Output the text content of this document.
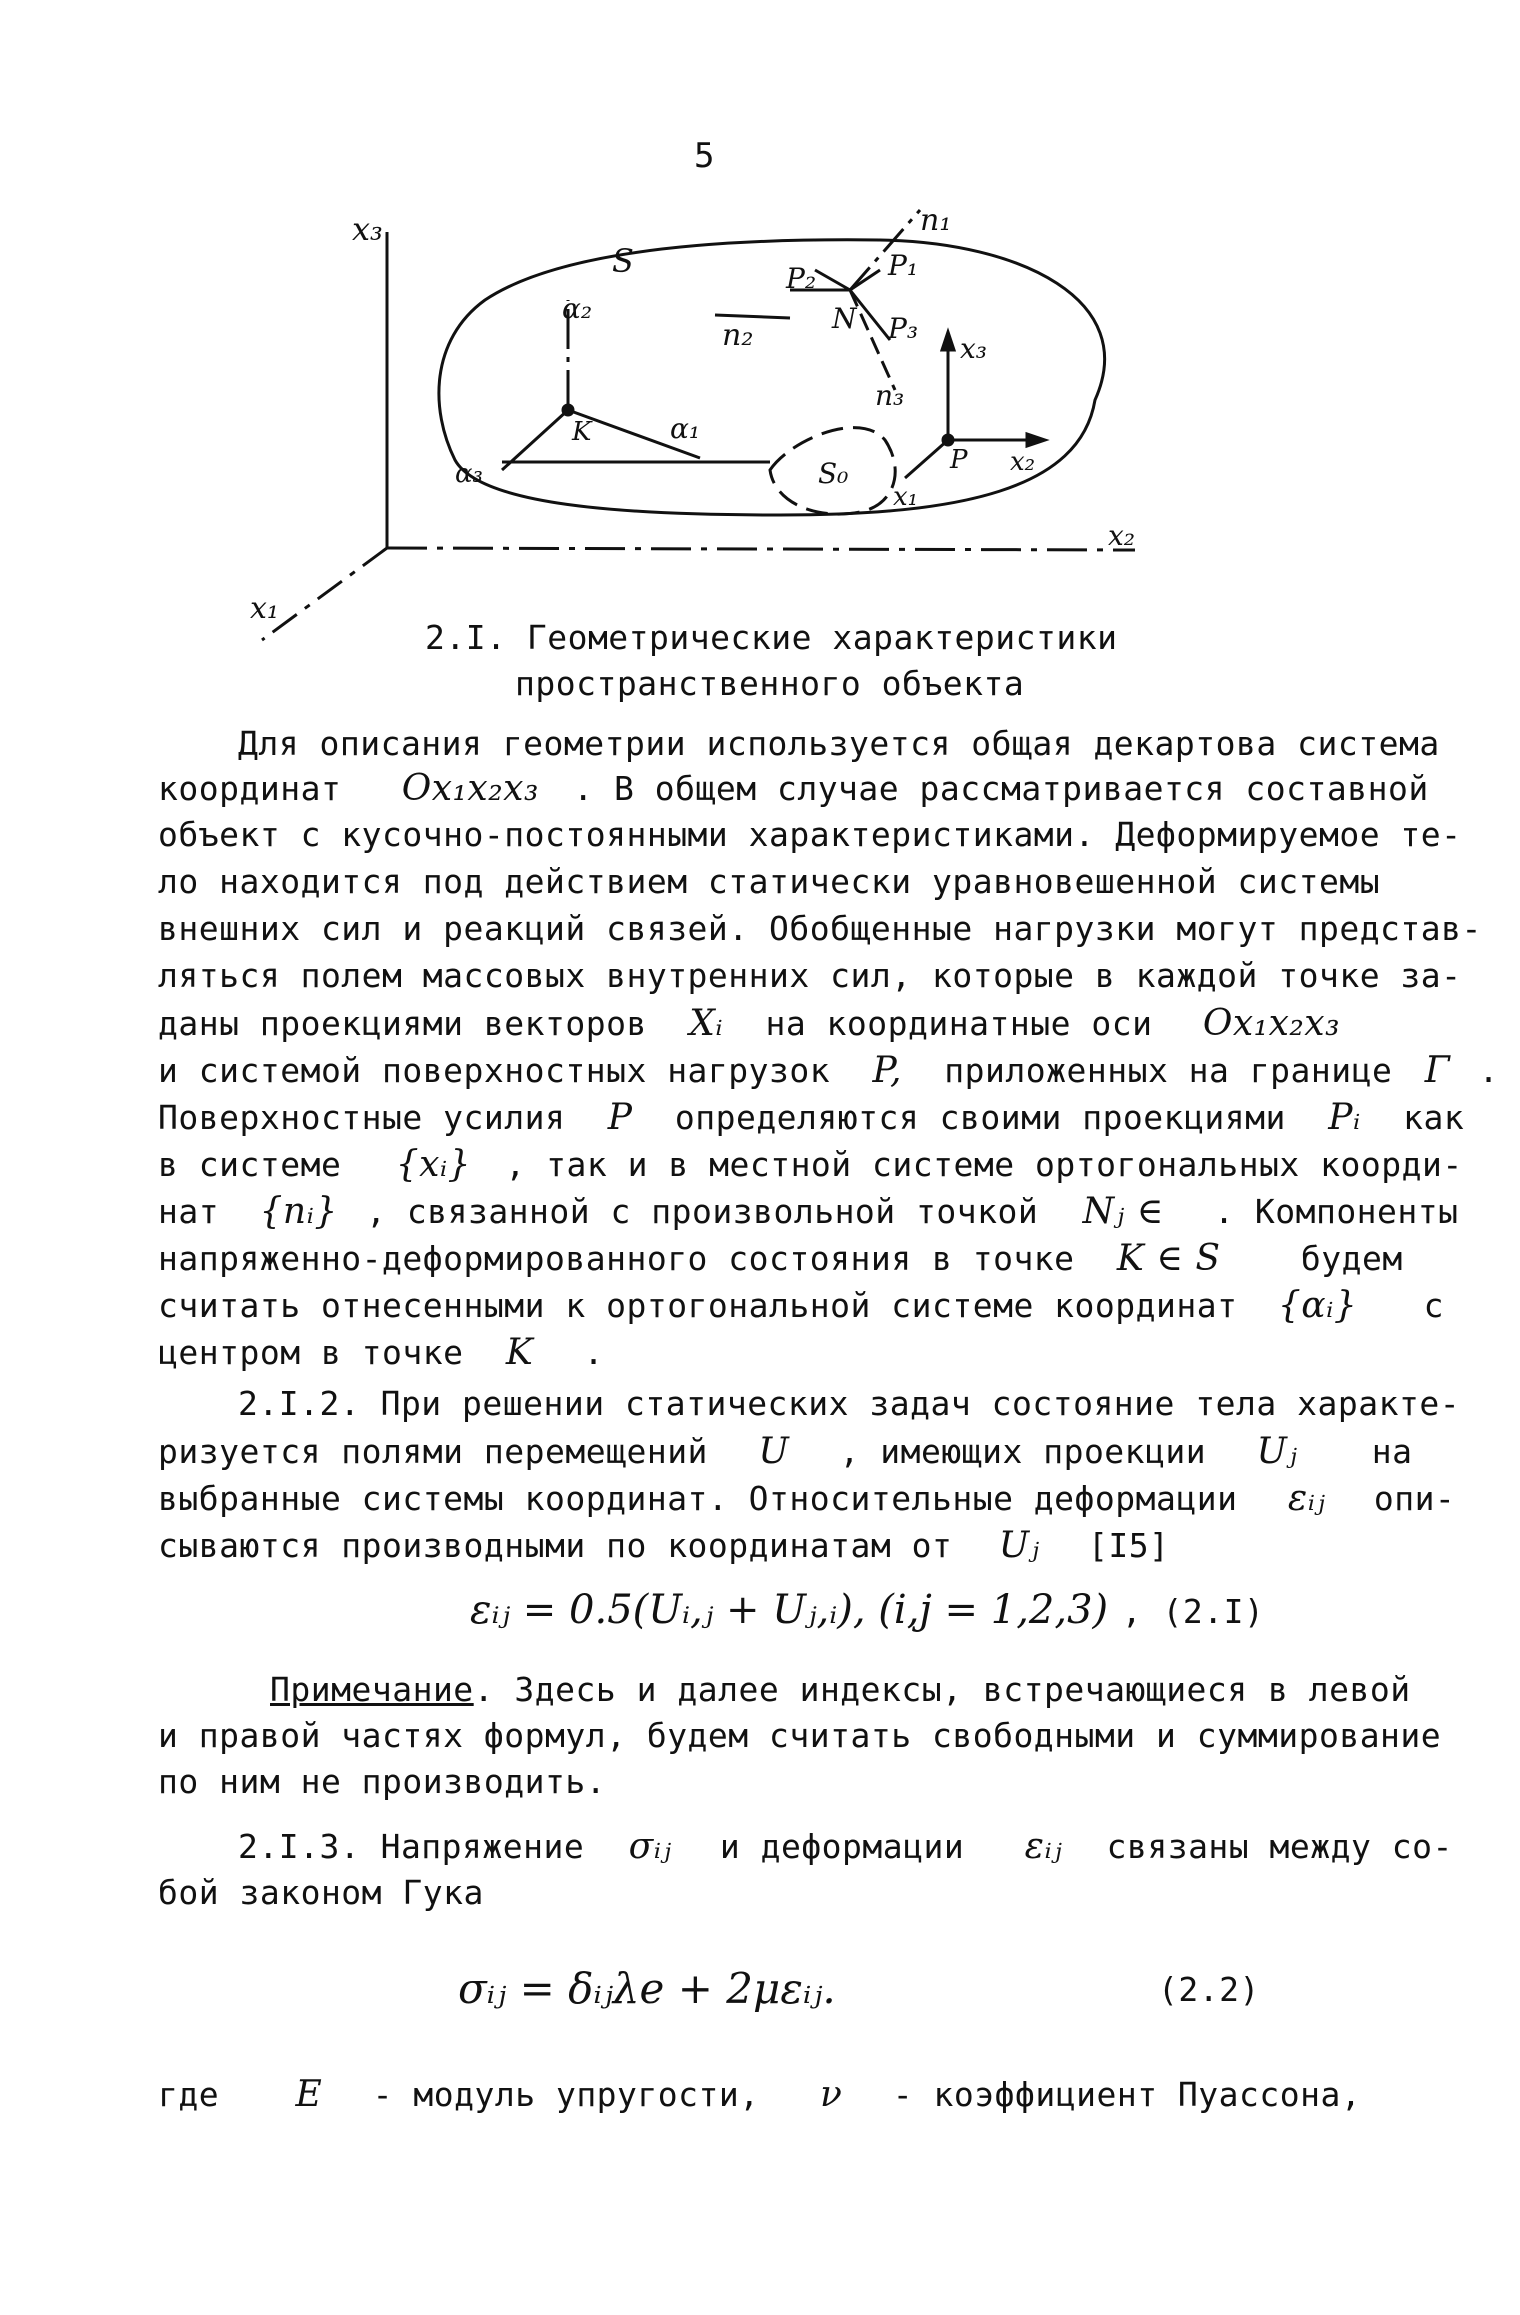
5
x₃
x₂
x₁
S
n₁
P₁
P₂
N P₃
n₂
n₃
α₂
α₁
α₃
K
S₀	P
x₃
x₂
x₁
2.I. Геометрические характеристики
пространственного объекта
Для описания геометрии используется общая декартова система
координат Ox₁x₂x₃ . В общем случае рассматривается составной
объект с кусочно-постоянными характеристиками. Деформируемое те-
ло находится под действием статически уравновешенной системы
внешних сил и реакций связей. Обобщенные нагрузки могут представ-
ляться полем массовых внутренних сил, которые в каждой точке за-
даны проекциями векторов Xᵢ на координатные оси Ox₁x₂x₃
и системой поверхностных нагрузок P, приложенных на границе Γ .
Поверхностные усилия P определяются своими проекциями Pᵢ как
в системе {xᵢ} , так и в местной системе ортогональных коорди-
нат {nᵢ} , связанной с произвольной точкой Nⱼ ∈ . Компоненты
напряженно-деформированного состояния в точке K ∈ S будем
считать отнесенными к ортогональной системе координат {αᵢ} с
центром в точке K .
2.I.2. При решении статических задач состояние тела характе-
ризуется полями перемещений U , имеющих проекции Uⱼ на
выбранные системы координат. Относительные деформации εᵢⱼ опи-
сываются производными по координатам от Uⱼ [I5]
εᵢⱼ = 0.5(Uᵢ,ⱼ + Uⱼ,ᵢ), (i,j = 1,2,3) , (2.I)
Примечание. Здесь и далее индексы, встречающиеся в левой
и правой частях формул, будем считать свободными и суммирование
по ним не производить.
2.I.3. Напряжение σᵢⱼ и деформации εᵢⱼ связаны между со-
бой законом Гука
σᵢⱼ = δᵢⱼλe + 2μεᵢⱼ.	(2.2)
где E - модуль упругости, ν - коэффициент Пуассона,
